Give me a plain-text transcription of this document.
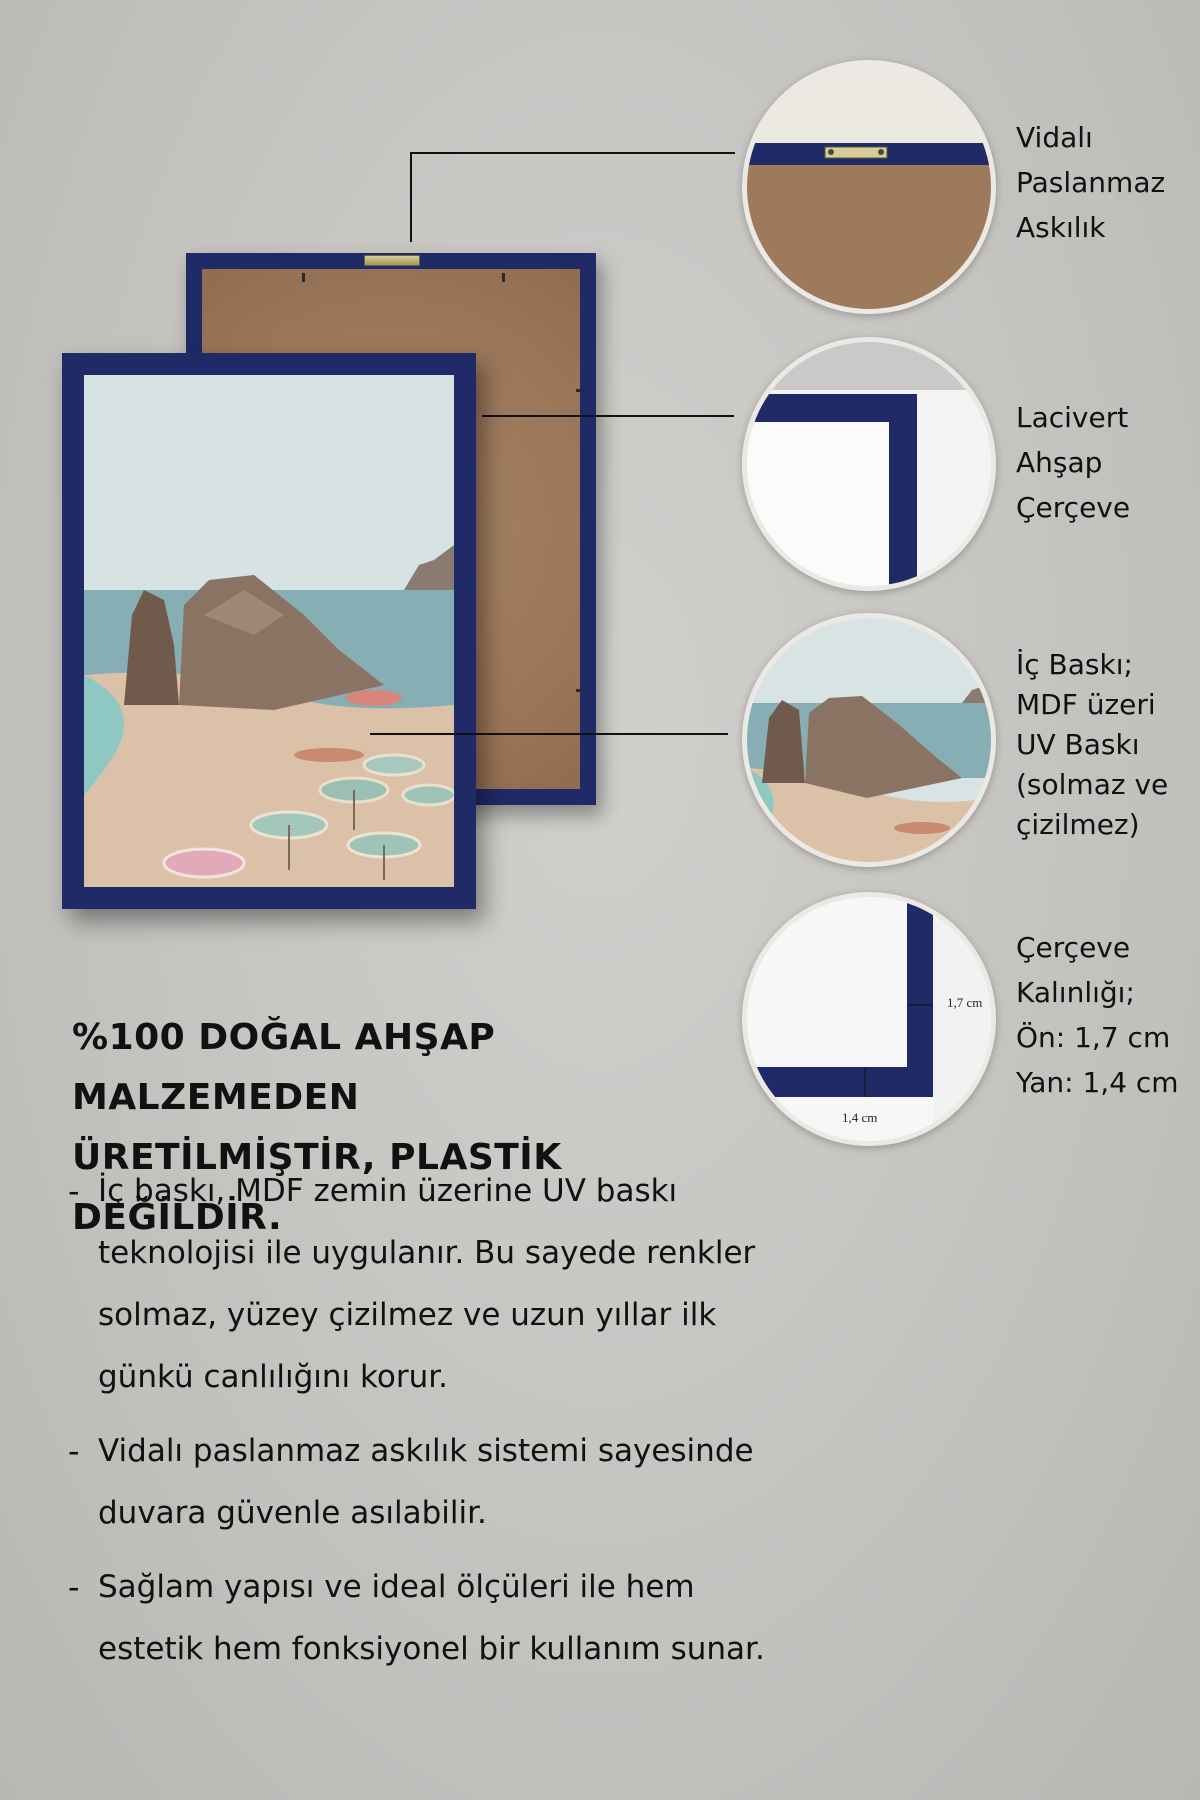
Vidalı
Paslanmaz
Askılık
Lacivert
Ahşap
Çerçeve
İç Baskı;
MDF üzeri
UV Baskı
(solmaz ve
çizilmez)
1,7 cm
1,4 cm
Çerçeve
Kalınlığı;
Ön: 1,7 cm
Yan: 1,4 cm
%100 DOĞAL AHŞAP MALZEMEDEN
ÜRETİLMİŞTİR, PLASTİK DEĞİLDİR.
- İç baskı, MDF zemin üzerine UV baskı teknolojisi ile uygulanır. Bu sayede renkler solmaz, yüzey çizilmez ve uzun yıllar ilk günkü canlılığını korur.
- Vidalı paslanmaz askılık sistemi sayesinde duvara güvenle asılabilir.
- Sağlam yapısı ve ideal ölçüleri ile hem estetik hem fonksiyonel bir kullanım sunar.
